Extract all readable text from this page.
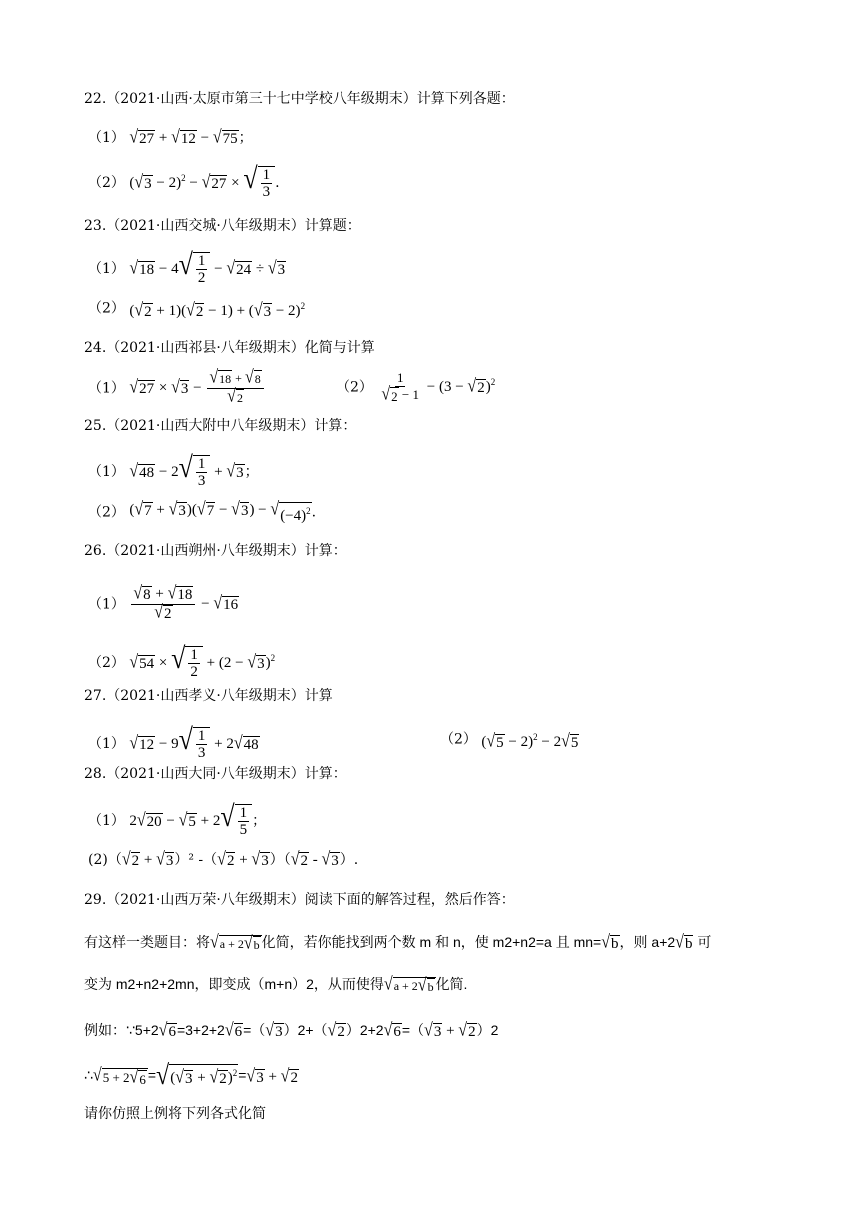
22.（2021·山西·太原市第三十七中学校八年级期末）计算下列各题：
（1） √ 27 + √ 12 − √ 75 ；
（2） ( √ 3 − 2)$^2$ − √ 27 × √ $\frac{1}{3}$ .
23.（2021·山西交城·八年级期末）计算题：
（1） √ 18 − 4 √ $\frac{1}{2}$ − √ 24 ÷ √ 3
（2） ( √ 2 + 1)( √ 2 − 1) + ( √ 3 − 2)$^2$
24.（2021·山西祁县·八年级期末）化简与计算
（1） √ 27 × √ $3 - \frac{√ 18 + √ 8}{√ 2}$	$(2) \frac{1}{√ 2 - 1} - (3$ − √ 2 )$^2$
25.（2021·山西大附中八年级期末）计算：
（1） √ 48 − 2 √ $\frac{1}{3}$ + √ 3 ；
（2） ( √ 7 + √ 3 )( √ 7 − √ 3 ) − √ $(-4)^2$ .
26.（2021·山西朔州·八年级期末）计算：
$(1) \frac{√ 8 + √ 18}{√ 2}$ − √ 16
（2） √ 54 × √ $\frac{1}{2} + (2$ − √ 3 )$^2$
27.（2021·山西孝义·八年级期末）计算
（1） √ 12 − 9 √ $\frac{1}{3} + 2$ √ 48	（2） ( √ 5 − 2)$^2$ − 2 √ 5
28.（2021·山西大同·八年级期末）计算：
（1） 2 √ 20 − √ 5 + 2 √ $\frac{1}{5}$ ；
(2)（ √ 2 + √ 3 ）² -（ √ 2 + √ 3 ）（ √ 2 - √ 3 ）.
29.（2021·山西万荣·八年级期末）阅读下面的解答过程，然后作答：
有这样一类题目：将 √ a + 2 √ b 化简，若你能找到两个数 m 和 n，使 m2+n2=a 且 mn= √ b ，则 a+2 √ b 可
变为 m2+n2+2mn，即变成（m+n）2，从而使得 √ a + 2 √ b 化简.
例如：∵5+2 √ 6 =3+2+2 √ 6 =（ √ 3 ）2+（ √ 2 ）2+2 √ 6 =（ √ 3 + √ 2 ）2
∴ √ 5 + 2 √ 6 = √ ( √ 3 + √ 2 )$^2$ = √ 3 + √ 2
请你仿照上例将下列各式化简
